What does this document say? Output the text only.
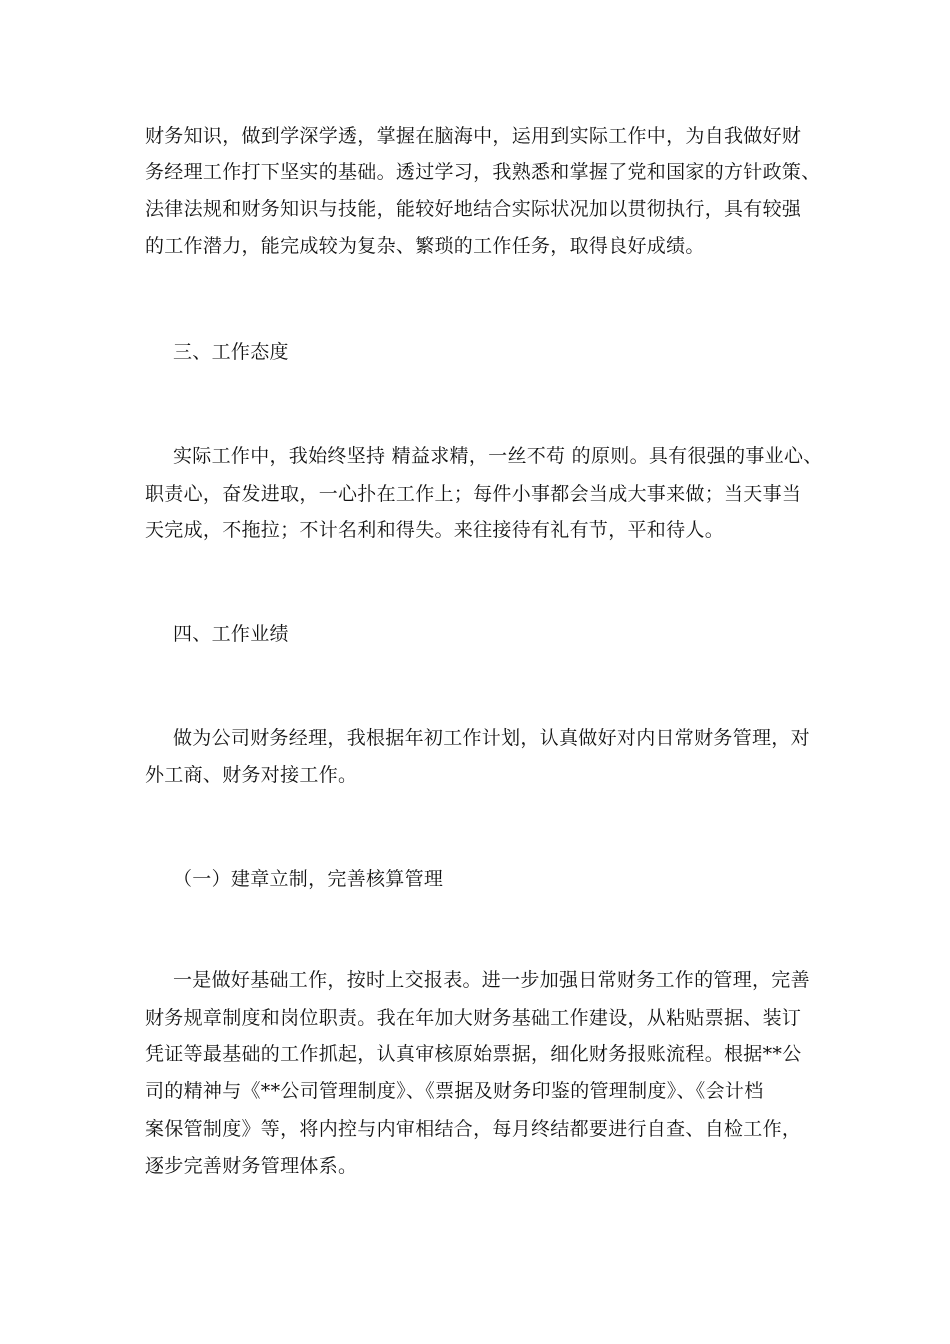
财务知识，做到学深学透，掌握在脑海中，运用到实际工作中，为自我做好财
务经理工作打下坚实的基础。透过学习，我熟悉和掌握了党和国家的方针政策、
法律法规和财务知识与技能，能较好地结合实际状况加以贯彻执行，具有较强
的工作潜力，能完成较为复杂、繁琐的工作任务，取得良好成绩。
三、工作态度
实际工作中，我始终坚持 精益求精，一丝不苟 的原则。具有很强的事业心、
职责心，奋发进取，一心扑在工作上；每件小事都会当成大事来做；当天事当
天完成，不拖拉；不计名利和得失。来往接待有礼有节，平和待人。
四、工作业绩
做为公司财务经理，我根据年初工作计划，认真做好对内日常财务管理，对
外工商、财务对接工作。
（一）建章立制，完善核算管理
一是做好基础工作，按时上交报表。进一步加强日常财务工作的管理，完善
财务规章制度和岗位职责。我在年加大财务基础工作建设，从粘贴票据、装订
凭证等最基础的工作抓起，认真审核原始票据，细化财务报账流程。根据**公
司的精神与《**公司管理制度》、《票据及财务印鉴的管理制度》、《会计档
案保管制度》等，将内控与内审相结合，每月终结都要进行自查、自检工作，
逐步完善财务管理体系。
